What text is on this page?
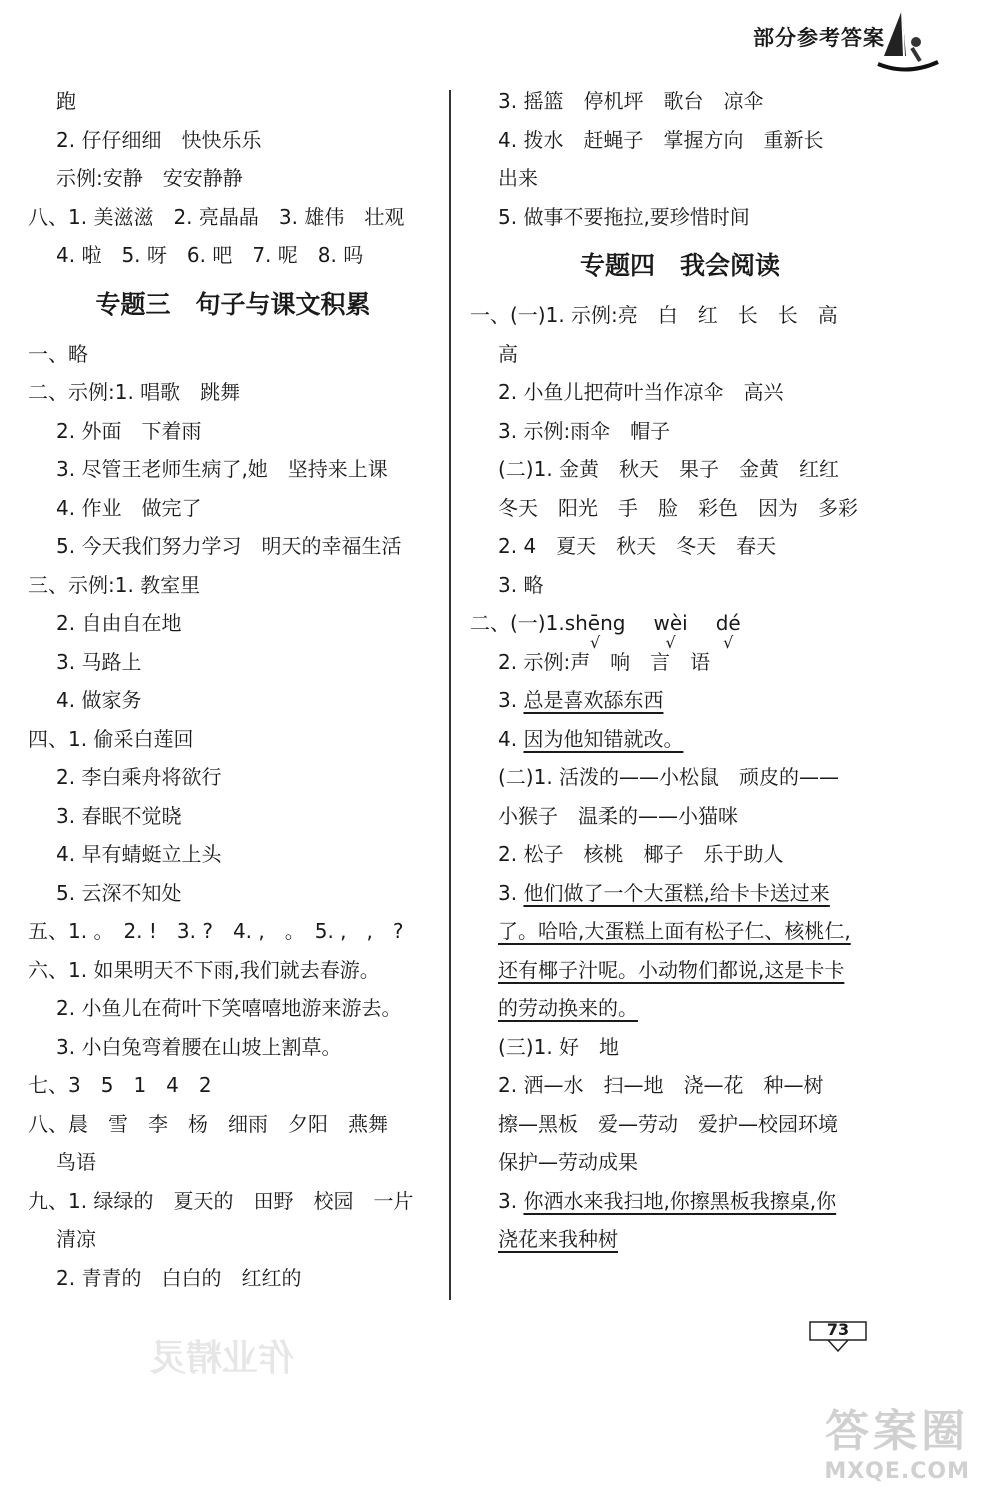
部分参考答案
跑
2. 仔仔细细　快快乐乐
示例:安静　安安静静
八、1. 美滋滋　2. 亮晶晶　3. 雄伟　壮观
4. 啦　5. 呀　6. 吧　7. 呢　8. 吗
专题三　句子与课文积累
一、略
二、示例:1. 唱歌　跳舞
2. 外面　下着雨
3. 尽管王老师生病了,她　坚持来上课
4. 作业　做完了
5. 今天我们努力学习　明天的幸福生活
三、示例:1. 教室里
2. 自由自在地
3. 马路上
4. 做家务
四、1. 偷采白莲回
2. 李白乘舟将欲行
3. 春眠不觉晓
4. 早有蜻蜓立上头
5. 云深不知处
五、1. 。　2. !　3. ?　4. ,　。　5. ,　,　?
六、1. 如果明天不下雨,我们就去春游。
2. 小鱼儿在荷叶下笑嘻嘻地游来游去。
3. 小白兔弯着腰在山坡上割草。
七、3　5　1　4　2
八、晨　雪　李　杨　细雨　夕阳　燕舞
鸟语
九、1. 绿绿的　夏天的　田野　校园　一片
清凉
2. 青青的　白白的　红红的
3. 摇篮　停机坪　歌台　凉伞
4. 拨水　赶蝇子　掌握方向　重新长
出来
5. 做事不要拖拉,要珍惜时间
专题四　我会阅读
一、(一)1. 示例:亮　白　红　长　长　高
高
2. 小鱼儿把荷叶当作凉伞　高兴
3. 示例:雨伞　帽子
(二)1. 金黄　秋天　果子　金黄　红红
冬天　阳光　手　脸　彩色　因为　多彩
2. 4　夏天　秋天　冬天　春天
3. 略
二、(一)1.shēng
√
wèi
√
dé
√
2. 示例:声　响　言　语
3. 总是喜欢舔东西
4. 因为他知错就改。
(二)1. 活泼的——小松鼠　顽皮的——
小猴子　温柔的——小猫咪
2. 松子　核桃　椰子　乐于助人
3. 他们做了一个大蛋糕,给卡卡送过来
了。哈哈,大蛋糕上面有松子仁、核桃仁,
还有椰子汁呢。小动物们都说,这是卡卡
的劳动换来的。
(三)1. 好　地
2. 洒—水　扫—地　浇—花　种—树
擦—黑板　爱—劳动　爱护—校园环境
保护—劳动成果
3. 你洒水来我扫地,你擦黑板我擦桌,你
浇花来我种树
73
作业精灵
答案圈
MXQE.COM
